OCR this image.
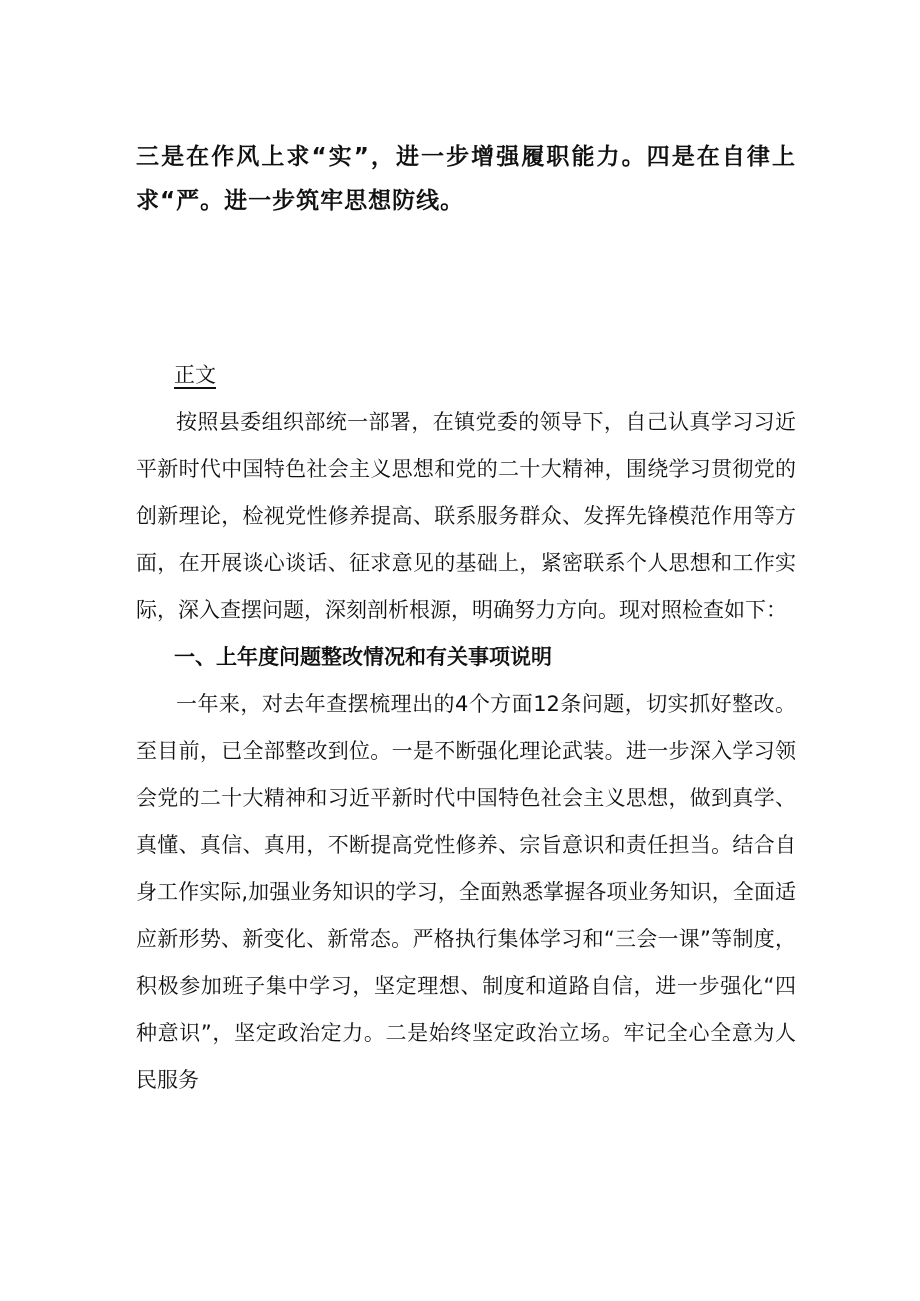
三是在作风上求“实”，进一步增强履职能力。四是在自律上求“严。进一步筑牢思想防线。

正文

按照县委组织部统一部署，在镇党委的领导下，自己认真学习习近平新时代中国特色社会主义思想和党的二十大精神，围绕学习贯彻党的创新理论，检视党性修养提高、联系服务群众、发挥先锋模范作用等方面，在开展谈心谈话、征求意见的基础上，紧密联系个人思想和工作实际，深入查摆问题，深刻剖析根源，明确努力方向。现对照检查如下：

一、上年度问题整改情况和有关事项说明

一年来，对去年查摆梳理出的4个方面12条问题，切实抓好整改。至目前，已全部整改到位。一是不断强化理论武装。进一步深入学习领会党的二十大精神和习近平新时代中国特色社会主义思想，做到真学、真懂、真信、真用，不断提高党性修养、宗旨意识和责任担当。结合自身工作实际,加强业务知识的学习，全面熟悉掌握各项业务知识，全面适应新形势、新变化、新常态。严格执行集体学习和“三会一课”等制度，积极参加班子集中学习，坚定理想、制度和道路自信，进一步强化“四种意识”，坚定政治定力。二是始终坚定政治立场。牢记全心全意为人民服务
